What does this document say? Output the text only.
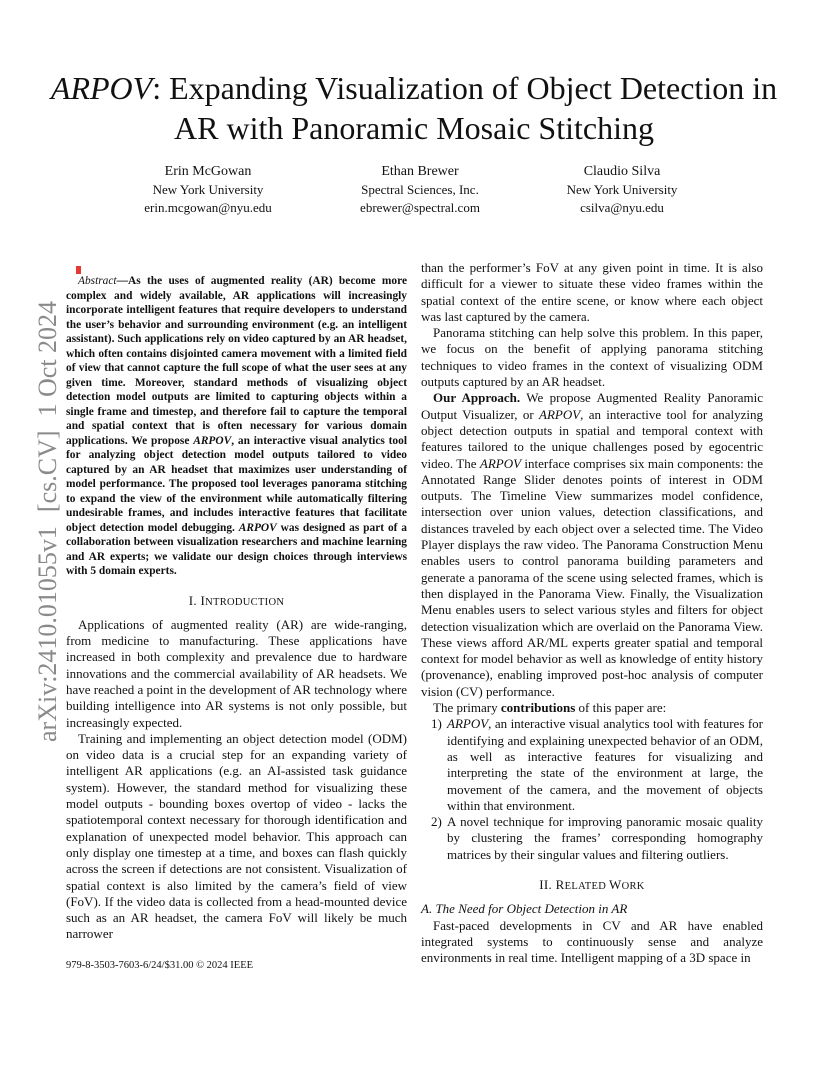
ARPOV: Expanding Visualization of Object Detection in AR with Panoramic Mosaic Stitching
Erin McGowan
New York University
erin.mcgowan@nyu.edu
Ethan Brewer
Spectral Sciences, Inc.
ebrewer@spectral.com
Claudio Silva
New York University
csilva@nyu.edu
arXiv:2410.01055v1[cs.CV]1 Oct 2024

Abstract—As the uses of augmented reality (AR) become more complex and widely available, AR applications will increasingly incorporate intelligent features that require developers to understand the user’s behavior and surrounding environment (e.g. an intelligent assistant). Such applications rely on video captured by an AR headset, which often contains disjointed camera movement with a limited field of view that cannot capture the full scope of what the user sees at any given time. Moreover, standard methods of visualizing object detection model outputs are limited to capturing objects within a single frame and timestep, and therefore fail to capture the temporal and spatial context that is often necessary for various domain applications. We propose ARPOV, an interactive visual analytics tool for analyzing object detection model outputs tailored to video captured by an AR headset that maximizes user understanding of model performance. The proposed tool leverages panorama stitching to expand the view of the environment while automatically filtering undesirable frames, and includes interactive features that facilitate object detection model debugging. ARPOV was designed as part of a collaboration between visualization researchers and machine learning and AR experts; we validate our design choices through interviews with 5 domain experts.

I. INTRODUCTION

Applications of augmented reality (AR) are wide-ranging, from medicine to manufacturing. These applications have increased in both complexity and prevalence due to hardware innovations and the commercial availability of AR headsets. We have reached a point in the development of AR technology where building intelligence into AR systems is not only possible, but increasingly expected.

Training and implementing an object detection model (ODM) on video data is a crucial step for an expanding variety of intelligent AR applications (e.g. an AI-assisted task guidance system). However, the standard method for visualizing these model outputs - bounding boxes overtop of video - lacks the spatiotemporal context necessary for thorough identification and explanation of unexpected model behavior. This approach can only display one timestep at a time, and boxes can flash quickly across the screen if detections are not consistent. Visualization of spatial context is also limited by the camera’s field of view (FoV). If the video data is collected from a head-mounted device such as an AR headset, the camera FoV will likely be much narrower

than the performer’s FoV at any given point in time. It is also difficult for a viewer to situate these video frames within the spatial context of the entire scene, or know where each object was last captured by the camera.

Panorama stitching can help solve this problem. In this paper, we focus on the benefit of applying panorama stitching techniques to video frames in the context of visualizing ODM outputs captured by an AR headset.

Our Approach. We propose Augmented Reality Panoramic Output Visualizer, or ARPOV, an interactive tool for analyzing object detection outputs in spatial and temporal context with features tailored to the unique challenges posed by egocentric video. The ARPOV interface comprises six main components: the Annotated Range Slider denotes points of interest in ODM outputs. The Timeline View summarizes model confidence, intersection over union values, detection classifications, and distances traveled by each object over a selected time. The Video Player displays the raw video. The Panorama Construction Menu enables users to control panorama building parameters and generate a panorama of the scene using selected frames, which is then displayed in the Panorama View. Finally, the Visualization Menu enables users to select various styles and filters for object detection visualization which are overlaid on the Panorama View. These views afford AR/ML experts greater spatial and temporal context for model behavior as well as knowledge of entity history (provenance), enabling improved post-hoc analysis of computer vision (CV) performance.

The primary contributions of this paper are:

1) ARPOV, an interactive visual analytics tool with features for identifying and explaining unexpected behavior of an ODM, as well as interactive features for visualizing and interpreting the state of the environment at large, the movement of the camera, and the movement of objects within that environment.
2) A novel technique for improving panoramic mosaic quality by clustering the frames’ corresponding homography matrices by their singular values and filtering outliers.
II. RELATED WORK
A. The Need for Object Detection in AR

Fast-paced developments in CV and AR have enabled integrated systems to continuously sense and analyze environments in real time. Intelligent mapping of a 3D space in

979-8-3503-7603-6/24/$31.00 © 2024 IEEE
